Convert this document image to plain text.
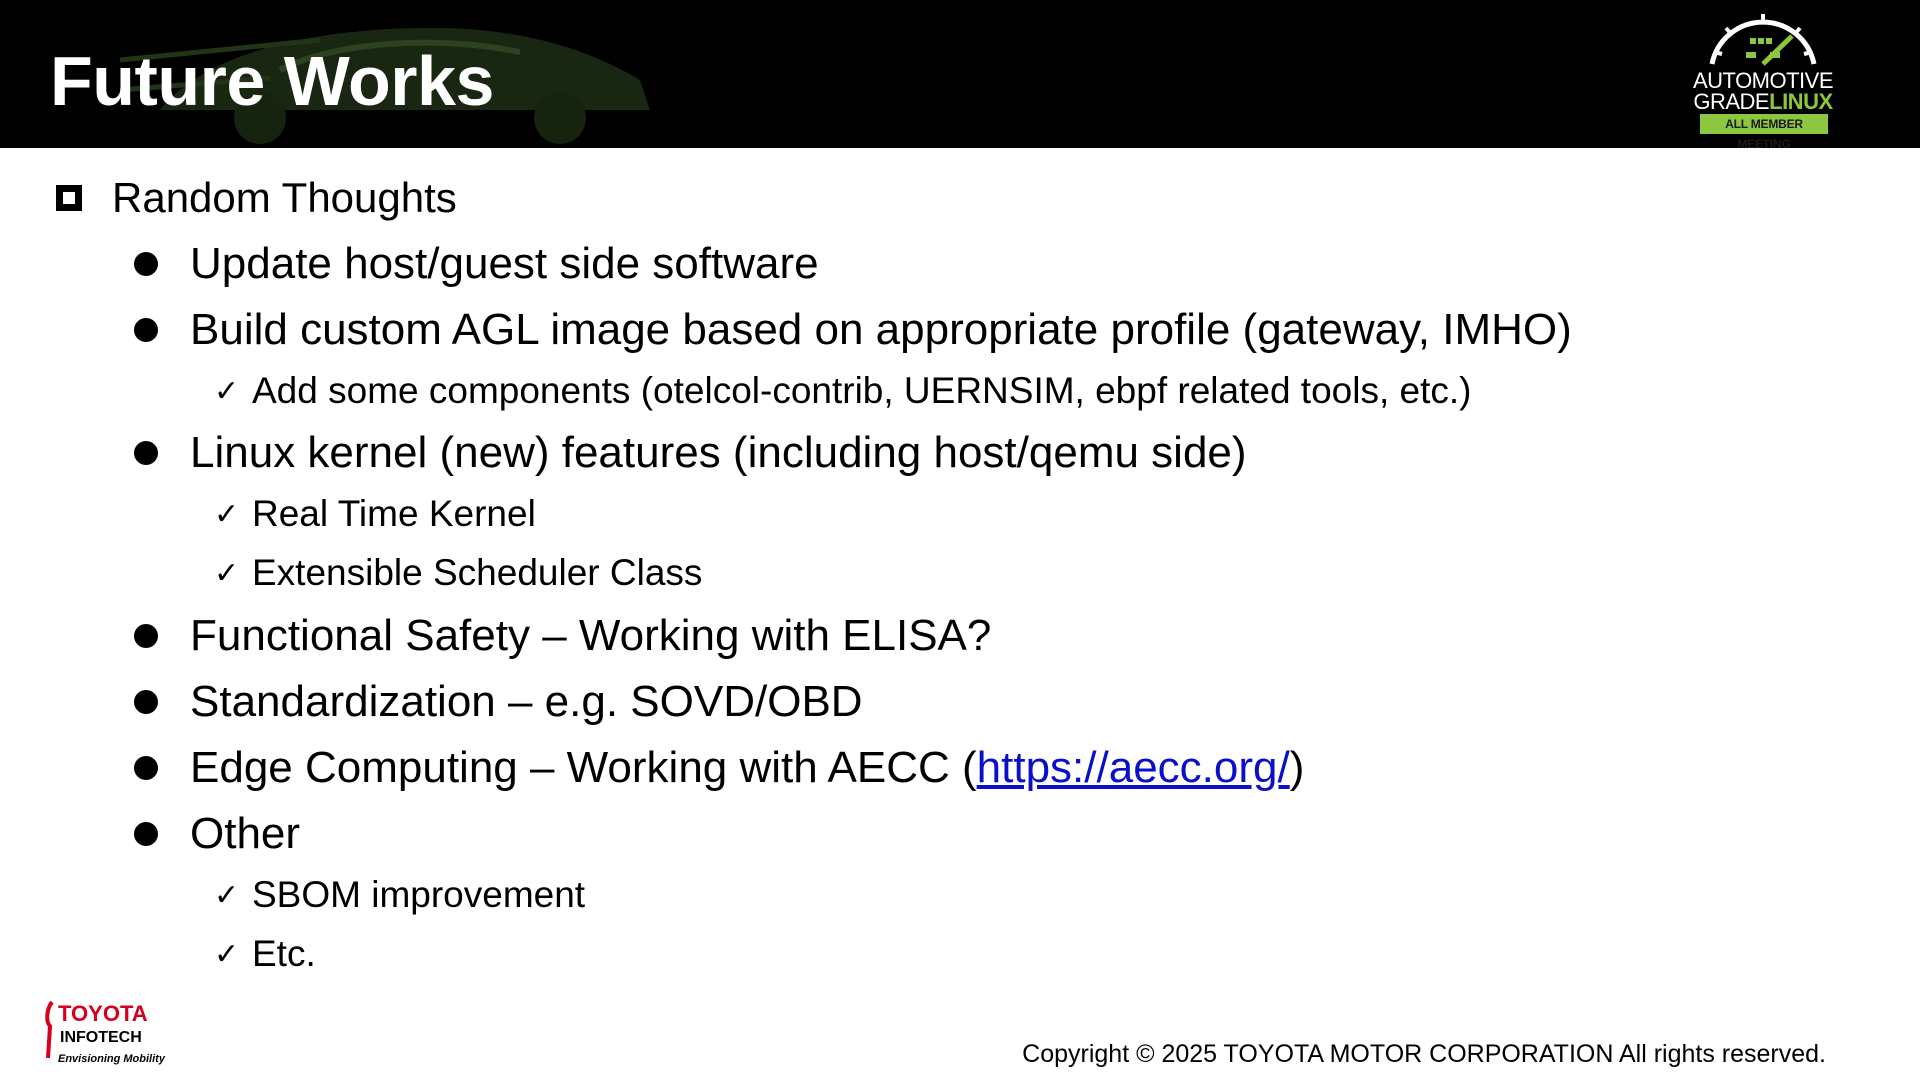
Future Works	AUTOMOTIVE
GRADELINUX
ALL MEMBER MEETING
Random Thoughts
Update host/guest side software
Build custom AGL image based on appropriate profile (gateway, IMHO)
✓ Add some components (otelcol-contrib, UERNSIM, ebpf related tools, etc.)
Linux kernel (new) features (including host/qemu side)
✓ Real Time Kernel
✓ Extensible Scheduler Class
Functional Safety – Working with ELISA?
Standardization – e.g. SOVD/OBD
Edge Computing – Working with AECC (https://aecc.org/)
Other
✓ SBOM improvement
✓ Etc.
TOYOTA
INFOTECH
Envisioning Mobility	Copyright © 2025 TOYOTA MOTOR CORPORATION All rights reserved.
